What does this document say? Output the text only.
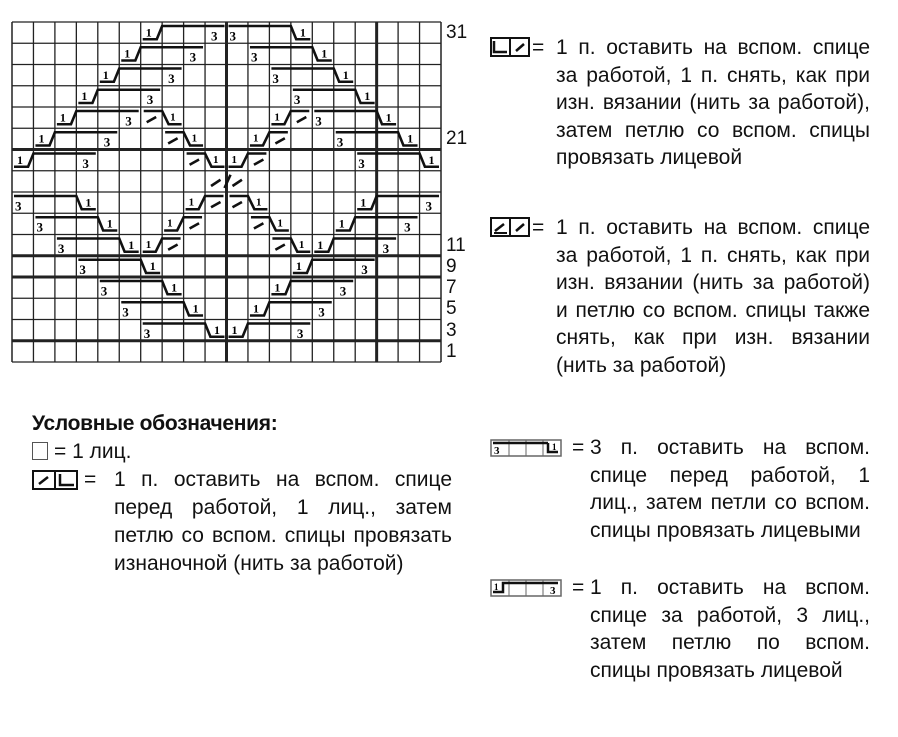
1	3 3	1
1	3	3	1
1	3	3	1
1	3	3	1
1	3	1	1	3	1
1	3	1	1	3	1
1	3	1 1	3	1
3	1	1	1	1	3
3	1	1	1	1	3
3	1 1	1 1	3
3	1	1	3
3	1	1	3
3	1	1	3
3	1 1	3
Условные обозначения:
= 1 лиц.
= 1 п. оставить на вспом. спице перед работой, 1 лиц., затем петлю со вспом. спицы провязать изнаночной (нить за работой)
= 1 п. оставить на вспом. спице за работой, 1 п. снять, как при изн. вязании (нить за работой), затем петлю со вспом. спицы провязать лицевой
= 1 п. оставить на вспом. спице за работой, 1 п. снять, как при изн. вязании (нить за работой) и петлю со вспом. спицы также снять, как при изн. вязании (нить за работой)
3	1 = 3 п. оставить на вспом. спице перед работой, 1 лиц., затем петли со вспом. спицы провязать лицевыми
1	3 = 1 п. оставить на вспом. спице за работой, 3 лиц., затем петлю по вспом. спицы провязать лицевой
31
21
11
9
7
5
3
1
